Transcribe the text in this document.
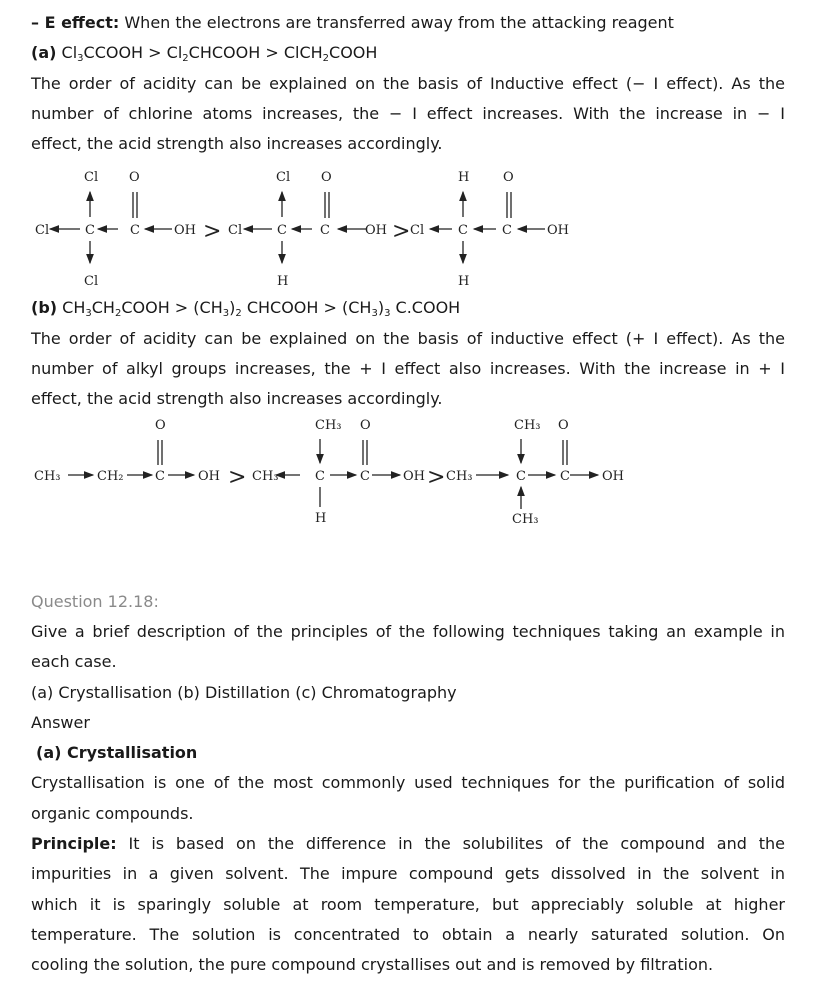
– E effect: When the electrons are transferred away from the attacking reagent
(a) $Cl_3CCOOH$ > $Cl_2CHCOOH$ > ClCH$_2$COOH
The order of acidity can be explained on the basis of Inductive effect (− I effect). As the
number of chlorine atoms increases, the − I effect increases. With the increase in − I
effect, the acid strength also increases accordingly.
Cl	C	C	OH
Cl
Cl
O
> Cl	C	C	OH
Cl
H
O
> Cl	C	C	OH
H
H
O
(b) $CH_3CH_2COOH > (CH_3)_2$ CHCOOH > $(CH_3)_3$ C.COOH
The order of acidity can be explained on the basis of inductive effect (+ I effect). As the
number of alkyl groups increases, the + I effect also increases. With the increase in + I
effect, the acid strength also increases accordingly.
CH₃	CH₂ C	OH
O
> CH₃	C	C	OH
CH₃ O
H
> CH₃	C	C OH
CH₃ O
CH₃
Question 12.18:
Give a brief description of the principles of the following techniques taking an example in
each case.
(a) Crystallisation (b) Distillation (c) Chromatography
Answer
(a) Crystallisation
Crystallisation is one of the most commonly used techniques for the purification of solid
organic compounds.
Principle: It is based on the difference in the solubilites of the compound and the
impurities in a given solvent. The impure compound gets dissolved in the solvent in
which it is sparingly soluble at room temperature, but appreciably soluble at higher
temperature. The solution is concentrated to obtain a nearly saturated solution. On
cooling the solution, the pure compound crystallises out and is removed by filtration.
